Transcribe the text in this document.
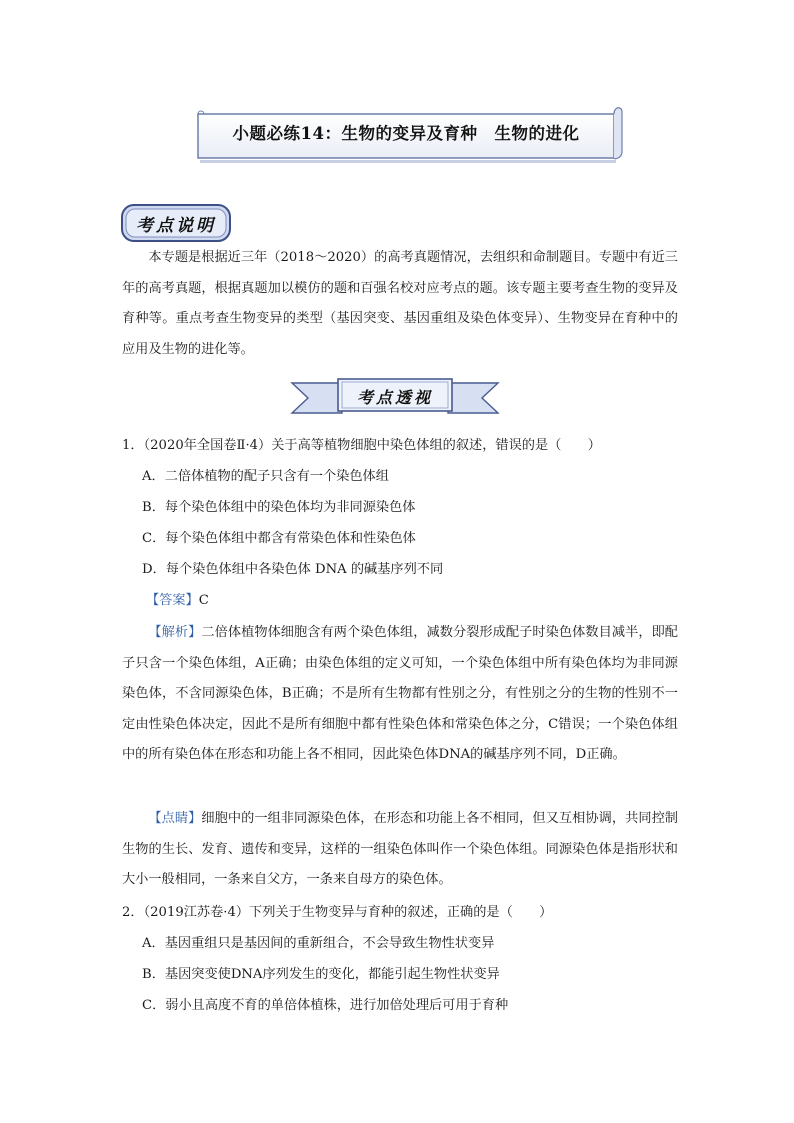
小题必练14：生物的变异及育种　生物的进化
考点说明
本专题是根据近三年（2018～2020）的高考真题情况，去组织和命制题目。专题中有近三年的高考真题，根据真题加以模仿的题和百强名校对应考点的题。该专题主要考查生物的变异及育种等。重点考查生物变异的类型（基因突变、基因重组及染色体变异）、生物变异在育种中的应用及生物的进化等。
考点透视
1．（2020年全国卷Ⅱ·4）关于高等植物细胞中染色体组的叙述，错误的是（　　）
A．二倍体植物的配子只含有一个染色体组
B．每个染色体组中的染色体均为非同源染色体
C．每个染色体组中都含有常染色体和性染色体
D．每个染色体组中各染色体 DNA 的碱基序列不同
【答案】C
【解析】二倍体植物体细胞含有两个染色体组，减数分裂形成配子时染色体数目减半，即配子只含一个染色体组，A正确；由染色体组的定义可知，一个染色体组中所有染色体均为非同源染色体，不含同源染色体，B正确；不是所有生物都有性别之分，有性别之分的生物的性别不一定由性染色体决定，因此不是所有细胞中都有性染色体和常染色体之分，C错误；一个染色体组中的所有染色体在形态和功能上各不相同，因此染色体DNA的碱基序列不同，D正确。
【点睛】细胞中的一组非同源染色体，在形态和功能上各不相同，但又互相协调，共同控制生物的生长、发育、遗传和变异，这样的一组染色体叫作一个染色体组。同源染色体是指形状和大小一般相同，一条来自父方，一条来自母方的染色体。
2．（2019江苏卷·4）下列关于生物变异与育种的叙述，正确的是（　　）
A．基因重组只是基因间的重新组合，不会导致生物性状变异
B．基因突变使DNA序列发生的变化，都能引起生物性状变异
C．弱小且高度不育的单倍体植株，进行加倍处理后可用于育种
